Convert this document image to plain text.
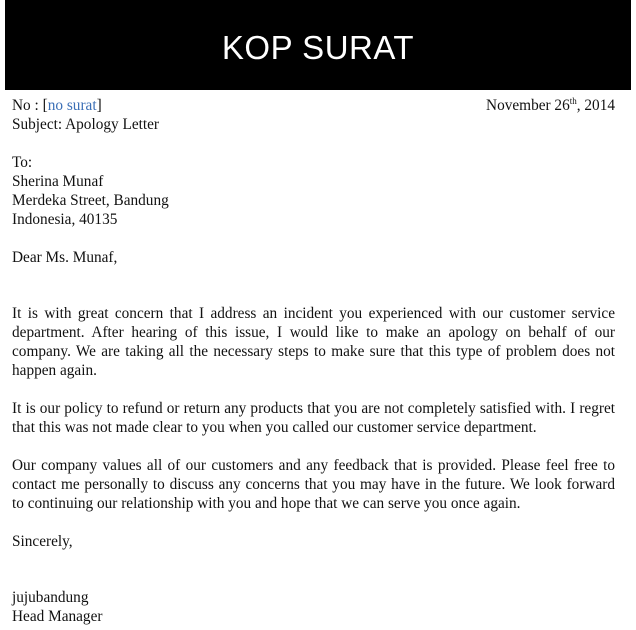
KOP SURAT
No : [no surat]	November 26th, 2014
Subject: Apology Letter
To:
Sherina Munaf
Merdeka Street, Bandung
Indonesia, 40135
Dear Ms. Munaf,

It is with great concern that I address an incident you experienced with our customer service department. After hearing of this issue, I would like to make an apology on behalf of our company. We are taking all the necessary steps to make sure that this type of problem does not happen again.

It is our policy to refund or return any products that you are not completely satisfied with. I regret that this was not made clear to you when you called our customer service department.

Our company values all of our customers and any feedback that is provided. Please feel free to contact me personally to discuss any concerns that you may have in the future. We look forward to continuing our relationship with you and hope that we can serve you once again.

Sincerely,
jujubandung
Head Manager
